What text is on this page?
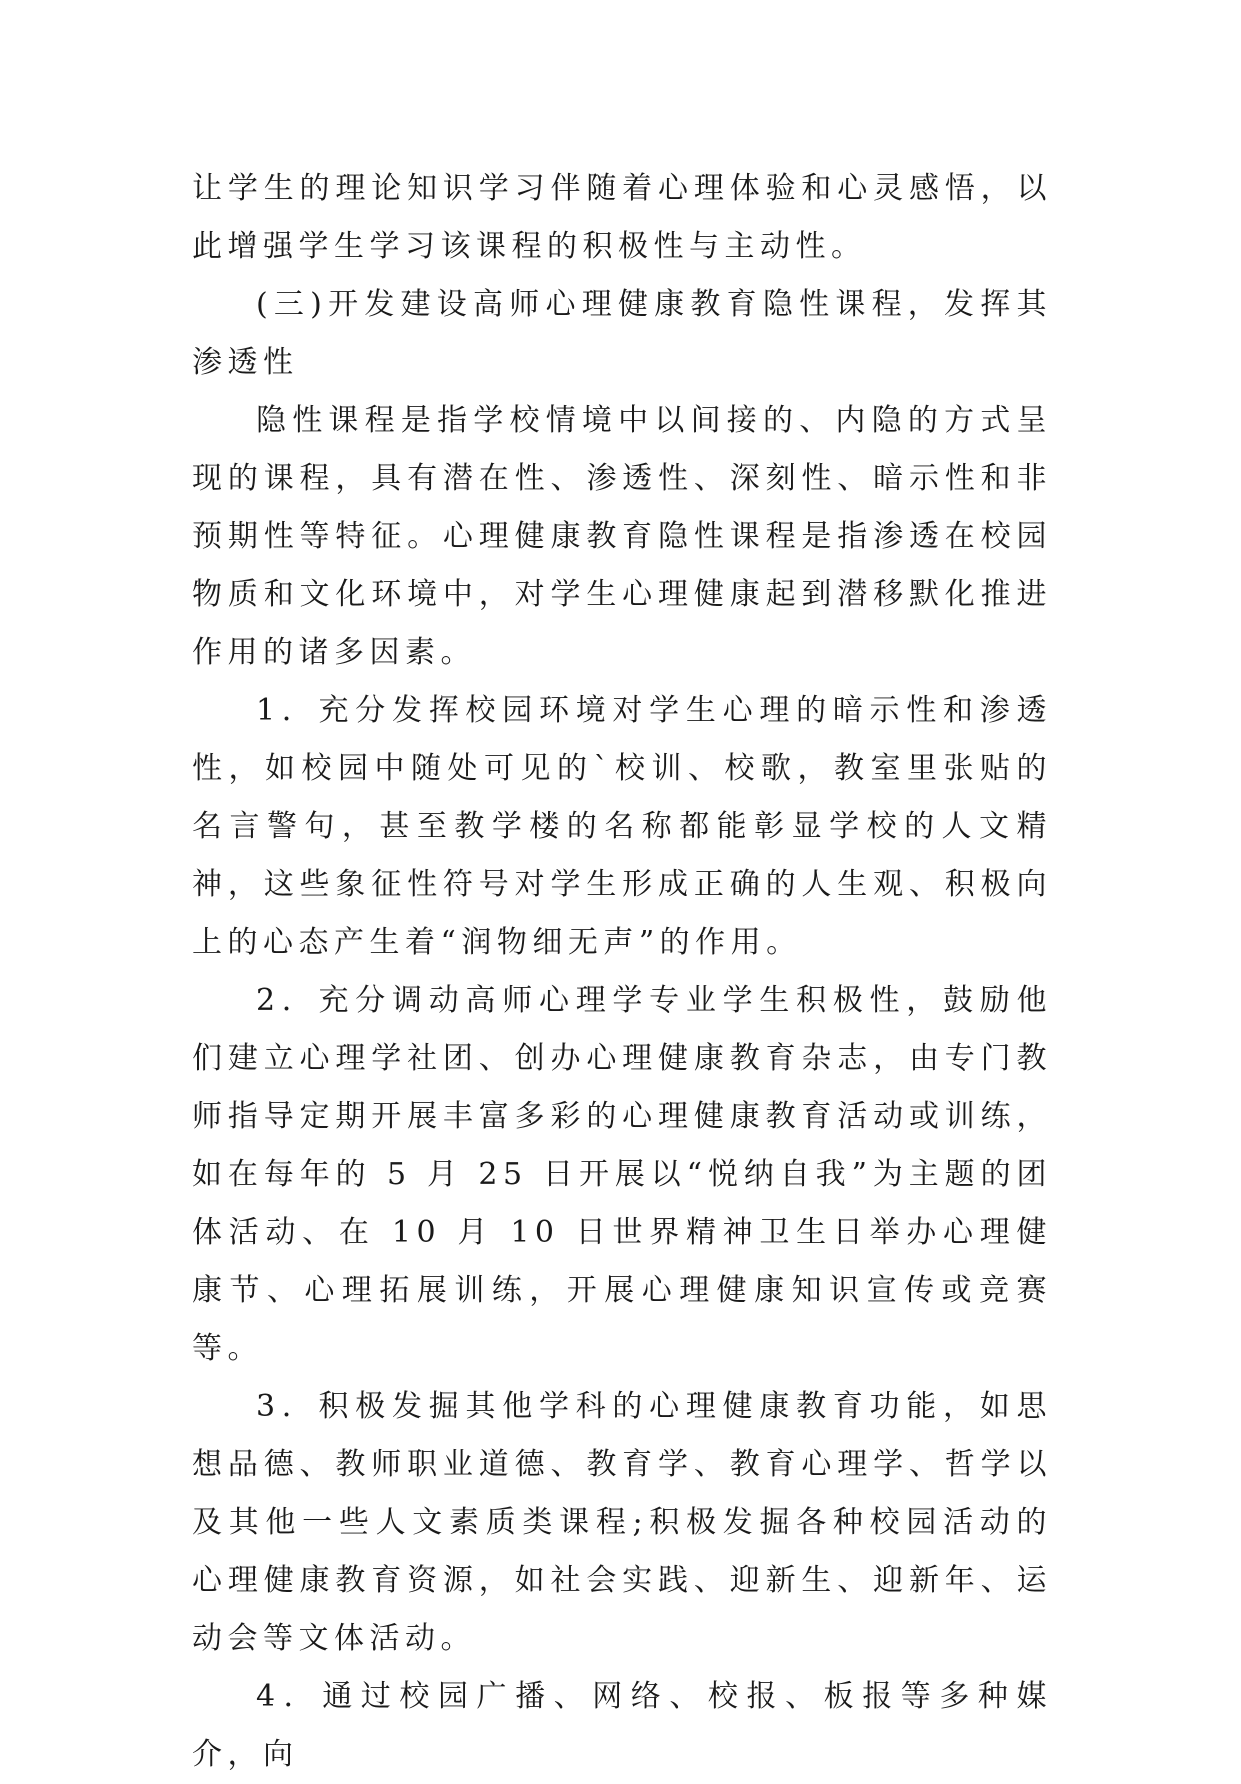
让学生的理论知识学习伴随着心理体验和心灵感悟，以此增强学生学习该课程的积极性与主动性。

(三)开发建设高师心理健康教育隐性课程，发挥其渗透性

隐性课程是指学校情境中以间接的、内隐的方式呈现的课程，具有潜在性、渗透性、深刻性、暗示性和非预期性等特征。心理健康教育隐性课程是指渗透在校园物质和文化环境中，对学生心理健康起到潜移默化推进作用的诸多因素。

1．充分发挥校园环境对学生心理的暗示性和渗透性，如校园中随处可见的`校训、校歌，教室里张贴的名言警句，甚至教学楼的名称都能彰显学校的人文精神，这些象征性符号对学生形成正确的人生观、积极向上的心态产生着“润物细无声”的作用。

2．充分调动高师心理学专业学生积极性，鼓励他们建立心理学社团、创办心理健康教育杂志，由专门教师指导定期开展丰富多彩的心理健康教育活动或训练，如在每年的 5 月 25 日开展以“悦纳自我”为主题的团体活动、在 10 月 10 日世界精神卫生日举办心理健康节、心理拓展训练，开展心理健康知识宣传或竞赛等。

3．积极发掘其他学科的心理健康教育功能，如思想品德、教师职业道德、教育学、教育心理学、哲学以及其他一些人文素质类课程;积极发掘各种校园活动的心理健康教育资源，如社会实践、迎新生、迎新年、运动会等文体活动。

4．通过校园广播、网络、校报、板报等多种媒介，向
